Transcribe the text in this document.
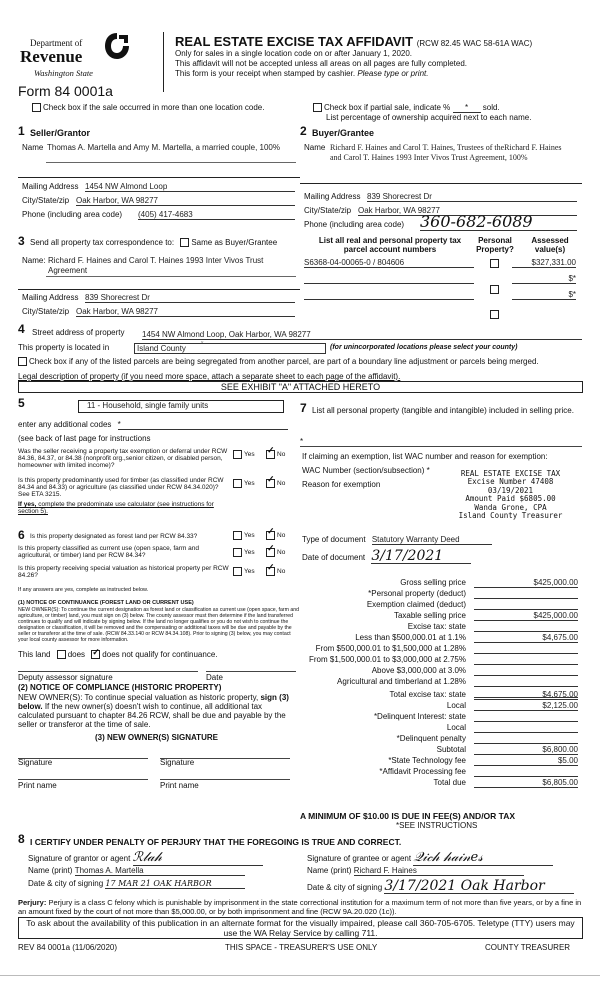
Department of
Revenue
Washington State
Form 84 0001a
REAL ESTATE EXCISE TAX AFFIDAVIT (RCW 82.45 WAC 58-61A WAC)
Only for sales in a single location code on or after January 1, 2020.
This affidavit will not be accepted unless all areas on all pages are fully completed.
This form is your receipt when stamped by cashier. Please type or print.
Check box if the sale occurred in more than one location code.	Check box if partial sale, indicate % * sold.
List percentage of ownership acquired next to each name.
1 Seller/Grantor
Name Thomas A. Martella and Amy M. Martella, a married couple, 100%
Mailing Address 1454 NW Almond Loop
City/State/zip Oak Harbor, WA 98277
Phone (including area code) (405) 417-4683
2 Buyer/Grantee
Name Richard F. Haines and Carol T. Haines, Trustees of theRichard F. Haines and Carol T. Haines 1993 Inter Vivos Trust Agreement, 100%
Mailing Address 839 Shorecrest Dr
City/State/zip Oak Harbor, WA 98277
Phone (including area code) 360-682-6089
3 Send all property tax correspondence to: Same as Buyer/Grantee
Name: Richard F. Haines and Carol T. Haines 1993 Inter Vivos Trust Agreement
Mailing Address 839 Shorecrest Dr
City/State/zip Oak Harbor, WA 98277
List all real and personal property tax parcel account numbers
Personal Property?
Assessed value(s)
S6368-04-00065-0 / 804606	$327,331.00
$*
$*
4 Street address of property 1454 NW Almond Loop, Oak Harbor, WA 98277
This property is located in	Island County ˇ	(for unincorporated locations please select your county)
Check box if any of the listed parcels are being segregated from another parcel, are part of a boundary line adjustment or parcels being merged.
Legal description of property (if you need more space, attach a separate sheet to each page of the affidavit).
SEE EXHIBIT "A" ATTACHED HERETO
5	11 - Household, single family units
enter any additional codes *
(see back of last page for instructions
Was the seller receiving a property tax exemption or deferral under RCW 84.36, 84.37, or 84.38 (nonprofit org.,senior citizen, or disabled person, homeowner with limited income)?
Yes ✓	No
Is this property predominantly used for timber (as classified under RCW 84.34 and 84.33) or agriculture (as classified under RCW 84.34.020)? See ETA 3215.
Yes ✓	No
If yes, complete the predominate use calculator (see instructions for section 5).
6 Is this property designated as forest land per RCW 84.33?	Yes ✓	No
Is this property classified as current use (open space, farm and agricultural, or timber) land per RCW 84.34?	Yes ✓	No
Is this property receiving special valuation as historical property per RCW 84.26?
Yes ✓	No
If any answers are yes, complete as instructed below.
(1) NOTICE OF CONTINUANCE (FOREST LAND OR CURRENT USE)
NEW OWNER(S): To continue the current designation as forest land or classification as current use (open space, farm and agriculture, or timber) land, you must sign on (3) below. The county assessor must then determine if the land transferred continues to qualify and will indicate by signing below. If the land no longer qualifies or you do not wish to continue the designation or classification, it will be removed and the compensating or additional taxes will be due and payable by the seller or transferor at the time of sale. (RCW 84.33.140 or RCW 84.34.108). Prior to signing (3) below, you may contact your local county assessor for more information.
This land does ✓ does not qualify for continuance.
Deputy assessor signature	Date
(2) NOTICE OF COMPLIANCE (HISTORIC PROPERTY)
NEW OWNER(S): To continue special valuation as historic property, sign (3) below. If the new owner(s) doesn't wish to continue, all additional tax calculated pursuant to chapter 84.26 RCW, shall be due and payable by the seller or transferor at the time of sale.
(3) NEW OWNER(S) SIGNATURE
Signature	Signature
Print name	Print name
7 List all personal property (tangible and intangible) included in selling price.
*
If claiming an exemption, list WAC number and reason for exemption:
WAC Number (section/subsection) *
Reason for exemption
REAL ESTATE EXCISE TAX
Excise Number 47408
03/19/2021
Amount Paid $6805.00
Wanda Grone, CPA
Island County Treasurer
Type of document Statutory Warranty Deed
Date of document 3/17/2021
Gross selling price	$425,000.00
*Personal property (deduct)
Exemption claimed (deduct)
Taxable selling price	$425,000.00
Excise tax: state
Less than $500,000.01 at 1.1%	$4,675.00
From $500,000.01 to $1,500,000 at 1.28%
From $1,500,000.01 to $3,000,000 at 2.75%
Above $3,000,000 at 3.0%
Agricultural and timberland at 1.28%
Total excise tax: state	$4,675.00
Local	$2,125.00
*Delinquent Interest: state
Local
*Delinquent penalty
Subtotal	$6,800.00
*State Technology fee	$5.00
*Affidavit Processing fee
Total due	$6,805.00
A MINIMUM OF $10.00 IS DUE IN FEE(S) AND/OR TAX
*SEE INSTRUCTIONS
8 I CERTIFY UNDER PENALTY OF PERJURY THAT THE FOREGOING IS TRUE AND CORRECT.
Signature of grantor or agent ℛ𝓁𝒶𝒽
Name (print) Thomas A. Martella
Date & city of signing 17 MAR 21 OAK HARBOR
Signature of grantee or agent 𝒬𝒾𝒸𝒽 𝒽𝒶𝒾𝓃𝑒𝓈
Name (print) Richard F. Haines
Date & city of signing 3/17/2021 Oak Harbor
Perjury: Perjury is a class C felony which is punishable by imprisonment in the state correctional institution for a maximum term of not more than five years, or by a fine in an amount fixed by the court of not more than $5,000.00, or by both imprisonment and fine (RCW 9A.20.020 (1c)).
To ask about the availability of this publication in an alternate format for the visually impaired, please call 360-705-6705. Teletype (TTY) users may use the WA Relay Service by calling 711.
REV 84 0001a (11/06/2020)	THIS SPACE - TREASURER'S USE ONLY	COUNTY TREASURER
